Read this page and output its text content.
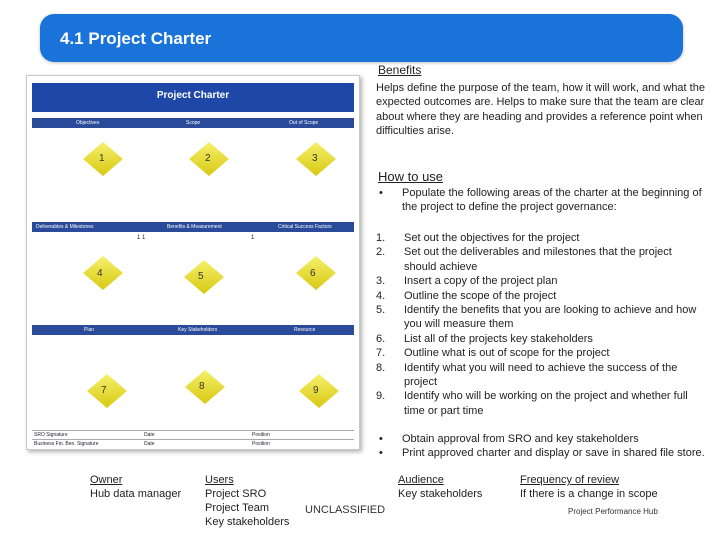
4.1 Project Charter
Project Charter
Objectives	Scope	Out of Scope
1	2	3
Deliverables & Milestones	Benefits & Measurement	Critical Success Factors
1 1	1
4	5	6
Plan	Key Stakeholders	Resource
7	8	9
SRO Signature	Date	Position
Business Fin. Ben. Signature	Date	Position
Benefits
Helps define the purpose of the team, how it will work, and what the expected outcomes are. Helps to make sure that the team are clear about where they are heading and provides a reference point when difficulties arise.
How to use
•	Populate the following areas of the charter at the beginning of the project to define the project governance:
1.	Set out the objectives for the project
2.	Set out the deliverables and milestones that the project should achieve
3.	Insert a copy of the project plan
4.	Outline the scope of the project
5.	Identify the benefits that you are looking to achieve and how you will measure them
6.	List all of the projects key stakeholders
7.	Outline what is out of scope for the project
8.	Identify what you will need to achieve the success of the project
9.	Identify who will be working on the project and whether full time or part time
•	Obtain approval from SRO and key stakeholders
•	Print approved charter and display or save in shared file store.
Owner
Hub data manager
Users
Project SRO
Project Team
Key stakeholders
Audience
Key stakeholders
Frequency of review
If there is a change in scope
UNCLASSIFIED	Project Performance Hub
